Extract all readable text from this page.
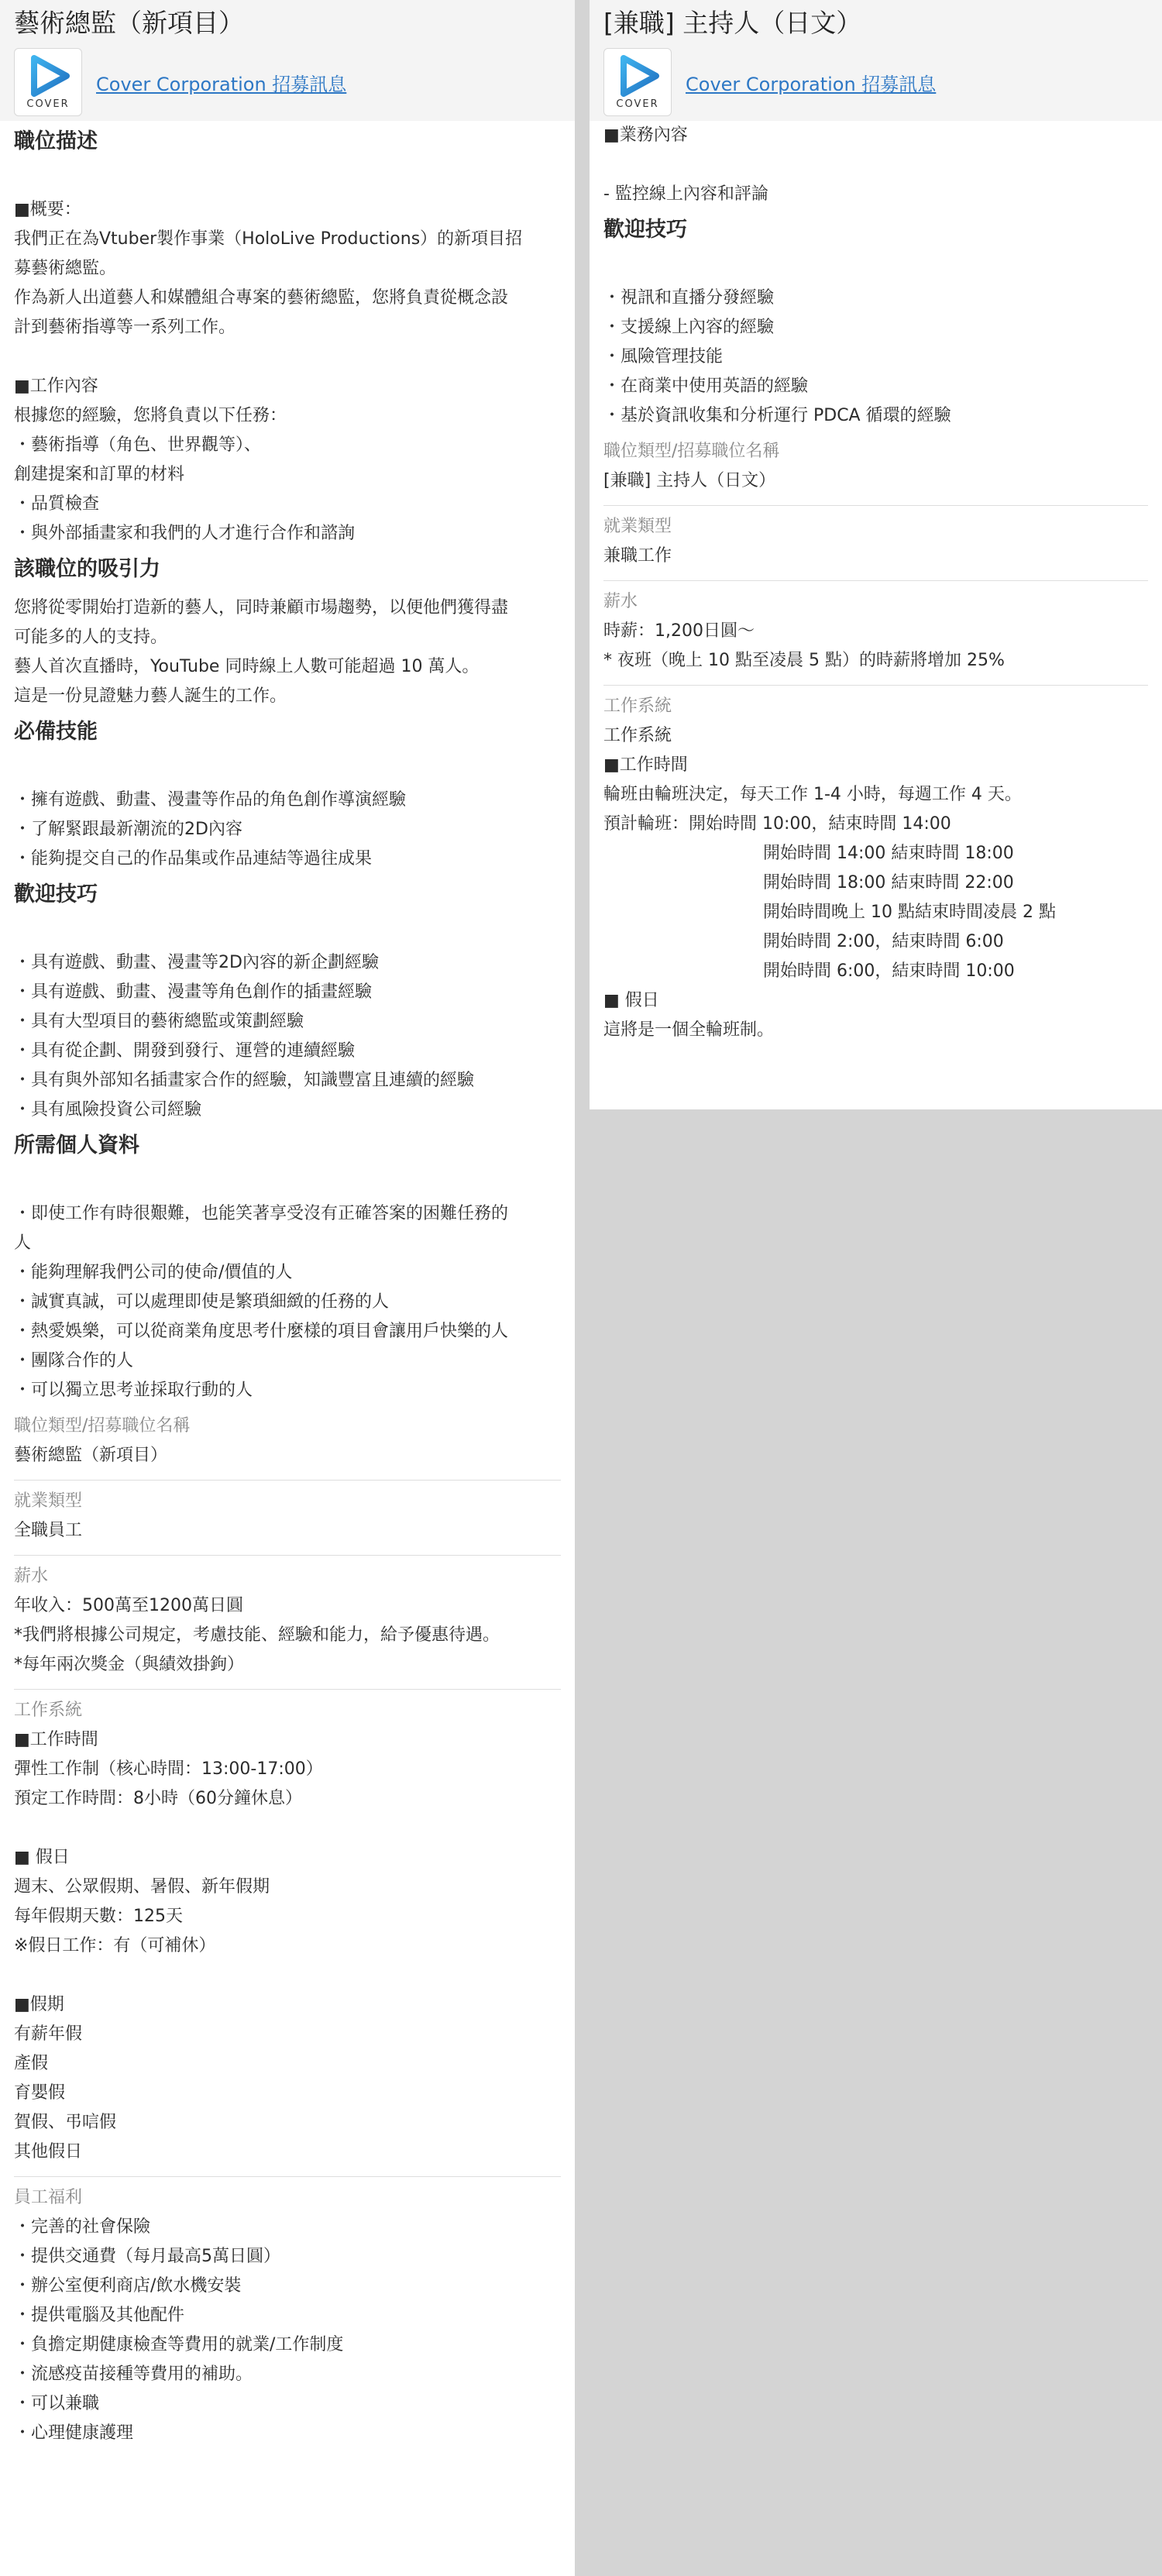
藝術總監（新項目）
COVER
Cover Corporation 招募訊息
職位描述
■概要：
我們正在為Vtuber製作事業（HoloLive Productions）的新項目招
募藝術總監。
作為新人出道藝人和媒體組合專案的藝術總監，您將負責從概念設
計到藝術指導等一系列工作。
■工作內容
根據您的經驗，您將負責以下任務：
・藝術指導（角色、世界觀等）、
創建提案和訂單的材料
・品質檢查
・與外部插畫家和我們的人才進行合作和諮詢
該職位的吸引力
您將從零開始打造新的藝人，同時兼顧市場趨勢，以便他們獲得盡
可能多的人的支持。
藝人首次直播時，YouTube 同時線上人數可能超過 10 萬人。
這是一份見證魅力藝人誕生的工作。
必備技能
・擁有遊戲、動畫、漫畫等作品的角色創作導演經驗
・了解緊跟最新潮流的2D內容
・能夠提交自己的作品集或作品連結等過往成果
歡迎技巧
・具有遊戲、動畫、漫畫等2D內容的新企劃經驗
・具有遊戲、動畫、漫畫等角色創作的插畫經驗
・具有大型項目的藝術總監或策劃經驗
・具有從企劃、開發到發行、運營的連續經驗
・具有與外部知名插畫家合作的經驗，知識豐富且連續的經驗
・具有風險投資公司經驗
所需個人資料
・即使工作有時很艱難，也能笑著享受沒有正確答案的困難任務的
人
・能夠理解我們公司的使命/價值的人
・誠實真誠，可以處理即使是繁瑣細緻的任務的人
・熱愛娛樂，可以從商業角度思考什麼樣的項目會讓用戶快樂的人
・團隊合作的人
・可以獨立思考並採取行動的人
職位類型/招募職位名稱
藝術總監（新項目）
就業類型
全職員工
薪水
年收入：500萬至1200萬日圓
*我們將根據公司規定，考慮技能、經驗和能力，給予優惠待遇。
*每年兩次獎金（與績效掛鉤）
工作系統
■工作時間
彈性工作制（核心時間：13:00-17:00）
預定工作時間：8小時（60分鐘休息）
■ 假日
週末、公眾假期、暑假、新年假期
每年假期天數：125天
※假日工作：有（可補休）
■假期
有薪年假
產假
育嬰假
賀假、弔唁假
其他假日
員工福利
・完善的社會保險
・提供交通費（每月最高5萬日圓）
・辦公室便利商店/飲水機安裝
・提供電腦及其他配件
・負擔定期健康檢查等費用的就業/工作制度
・流感疫苗接種等費用的補助。
・可以兼職
・心理健康護理
[兼職] 主持人（日文）
COVER
Cover Corporation 招募訊息
■業務內容
- 監控線上內容和評論
歡迎技巧
・視訊和直播分發經驗
・支援線上內容的經驗
・風險管理技能
・在商業中使用英語的經驗
・基於資訊收集和分析運行 PDCA 循環的經驗
職位類型/招募職位名稱
[兼職] 主持人（日文）
就業類型
兼職工作
薪水
時薪：1,200日圓〜
* 夜班（晚上 10 點至凌晨 5 點）的時薪將增加 25%
工作系統
工作系統
■工作時間
輪班由輪班決定，每天工作 1-4 小時，每週工作 4 天。
預計輪班：開始時間 10:00，結束時間 14:00
開始時間 14:00 結束時間 18:00
開始時間 18:00 結束時間 22:00
開始時間晚上 10 點結束時間凌晨 2 點
開始時間 2:00，結束時間 6:00
開始時間 6:00，結束時間 10:00
■ 假日
這將是一個全輪班制。
